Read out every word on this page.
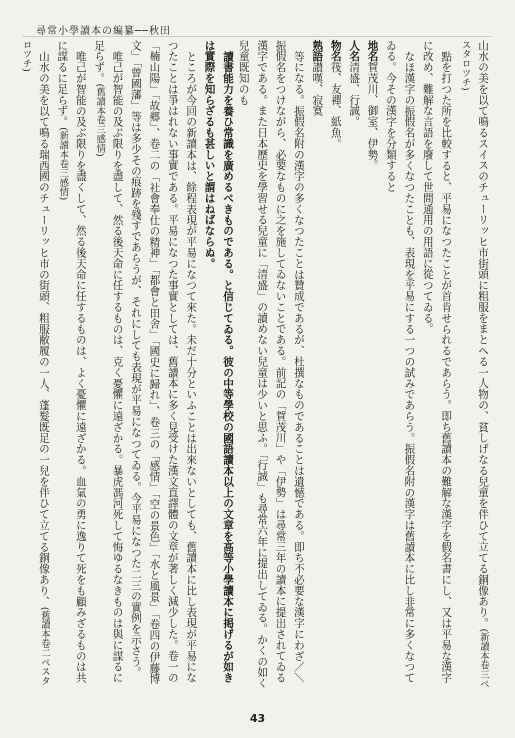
尋常小學讀本の編纂──秋田

山水の美を以て鳴るスイスのチューリッヒ市街頭に粗服をまとへる一人物の、貧しげなる兒童を伴ひて立てる銅像あり。(新讀本卷三ペスタロツチ)

點を打つた所を比較すると、平易になつたことが首肯せられるであらう。即ち舊讀本の難解な漢字を假名書にし、又は平易な漢字に改め、難解な言語を廢して世間通用の用語に從つてゐる。

なほ漢字の振假名が多くなつたことも、表現を平易にする一つの試みであらう。振假名附の漢字は舊讀本に比し非常に多くなつてゐる。今その漢字を分類すると

地名賀茂川、御室、伊勢。

人名清盛、行誠。

物名筏、友禪、紙魚。

熟語讃嘆、寂寞

等になる。振假名附の漢字の多くなつたことは贊成であるが、杜撰なものであることは遺憾である。即ち不必要な漢字にわざ／＼振假名をつけながら、必要なものに之を施してゐないことである。前記の「賀茂川」や「伊勢」は尋常三年の讀本に提出されてゐる漢字である。また日本歷史を學習せる兒童に「清盛」の讀めない兒童は少いと思ふ。「行誠」も尋常六年に提出してゐる。かくの如く兒童既知のも

讀書能力を養ひ常識を廣めるべきものである。と信じてゐる。彼の中等學校の國語讀本以上の文章を高等小學讀本に掲げるが如きは實際を知らざるも甚しいと謂はねばならぬ。

ところが今回の新讀本は、餘程表現が平易になつて來た。未だ十分といふことは出來ないとしても、舊讀本に比し表現が平易になつたことは爭はれない事實である。平易になつた事實としては、舊讀本に多く見受けた漢文直譯體の文章が著しく減少した。卷一の「楠山陽」「故郷」、卷二の「社會奉仕の精神」「都會と田舍」「國史に歸れ」、卷三の「感情」「空の景色」「水と風景」「卷四の伊藤博文」「曾國藩」等は多少その痕跡を殘すであらうが、それにしても表現が平易になつてゐる。今平易になつた二三の實例を示さう。

唯己が智能の及ぶ限りを盡して、然る後天命に任するものは、克く憂懼に遠ざかる。暴虎馮河死して悔ゆるなきものは與に謀るに足らず。(舊讀本卷三感情)

唯己が智能の及ぶ限りを盡くして、然る後天命に任するものは、よく憂懼に遠ざかる。血氣の勇に逸りて死をも顧みざるものは共に謀るに足らず。(新讀本卷三感情)

山水の美を以て鳴る瑞西國のチューリッヒ市の街頭、粗服敝履の一人、蓬髮既足の一兒を伴ひて立てる銅像あり、(舊讀本卷二ペスタロツチ)

43
